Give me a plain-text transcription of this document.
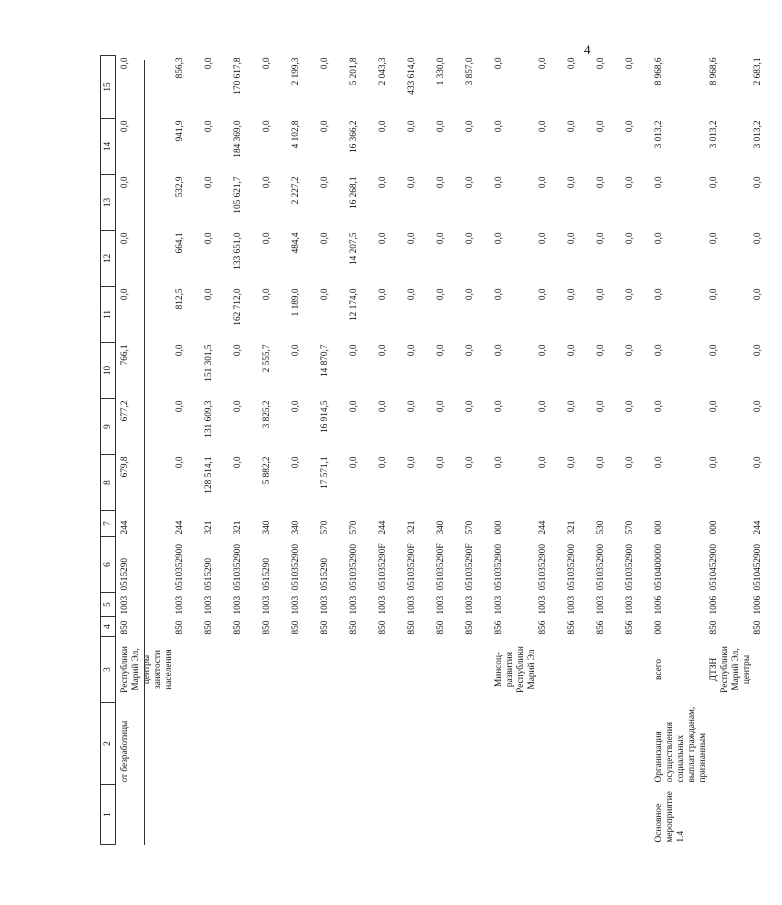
4
1	2	3	4	5	6	7	8	9	10	11	12	13	14	15
	от безработицы	Республики Марий Эл, центры занятости населения	850	1003	0515290	244	679,8	677,2	766,1	0,0	0,0	0,0	0,0	0,0
			850	1003	0510352900	244	0,0	0,0	0,0	812,5	664,1	532,9	941,9	856,3
			850	1003	0515290	321	128 514,1	131 609,3	151 301,5	0,0	0,0	0,0	0,0	0,0
			850	1003	0510352900	321	0,0	0,0	0,0	162 712,0	133 651,0	105 621,7	184 369,0	170 617,8
			850	1003	0515290	340	5 882,2	3 825,2	2 555,7	0,0	0,0	0,0	0,0	0,0
			850	1003	0510352900	340	0,0	0,0	0,0	1 189,0	484,4	2 227,2	4 102,8	2 199,3
			850	1003	0515290	570	17 571,1	16 914,5	14 870,7	0,0	0,0	0,0	0,0	0,0
			850	1003	0510352900	570	0,0	0,0	0,0	12 174,0	14 207,5	16 268,1	16 366,2	5 201,8
			850	1003	051035290F	244	0,0	0,0	0,0	0,0	0,0	0,0	0,0	2 043,3
			850	1003	051035290F	321	0,0	0,0	0,0	0,0	0,0	0,0	0,0	433 614,0
			850	1003	051035290F	340	0,0	0,0	0,0	0,0	0,0	0,0	0,0	1 330,0
			850	1003	051035290F	570	0,0	0,0	0,0	0,0	0,0	0,0	0,0	3 857,0
		Минсоц-развития Республики Марий Эл	856	1003	0510352900	000	0,0	0,0	0,0	0,0	0,0	0,0	0,0	0,0
			856	1003	0510352900	244	0,0	0,0	0,0	0,0	0,0	0,0	0,0	0,0
			856	1003	0510352900	321	0,0	0,0	0,0	0,0	0,0	0,0	0,0	0,0
			856	1003	0510352900	530	0,0	0,0	0,0	0,0	0,0	0,0	0,0	0,0
			856	1003	0510352900	570	0,0	0,0	0,0	0,0	0,0	0,0	0,0	0,0
Основное мероприятие 1.4	Организация осуществления социальных выплат гражданам, признанным	всего	000	1006	0510400000	000	0,0	0,0	0,0	0,0	0,0	0,0	3 013,2	8 968,6
		ДТЗН Республики Марий Эл, центры	850	1006	0510452900	000	0,0	0,0	0,0	0,0	0,0	0,0	3 013,2	8 968,6
			850	1006	0510452900	244	0,0	0,0	0,0	0,0	0,0	0,0	3 013,2	2 683,1
